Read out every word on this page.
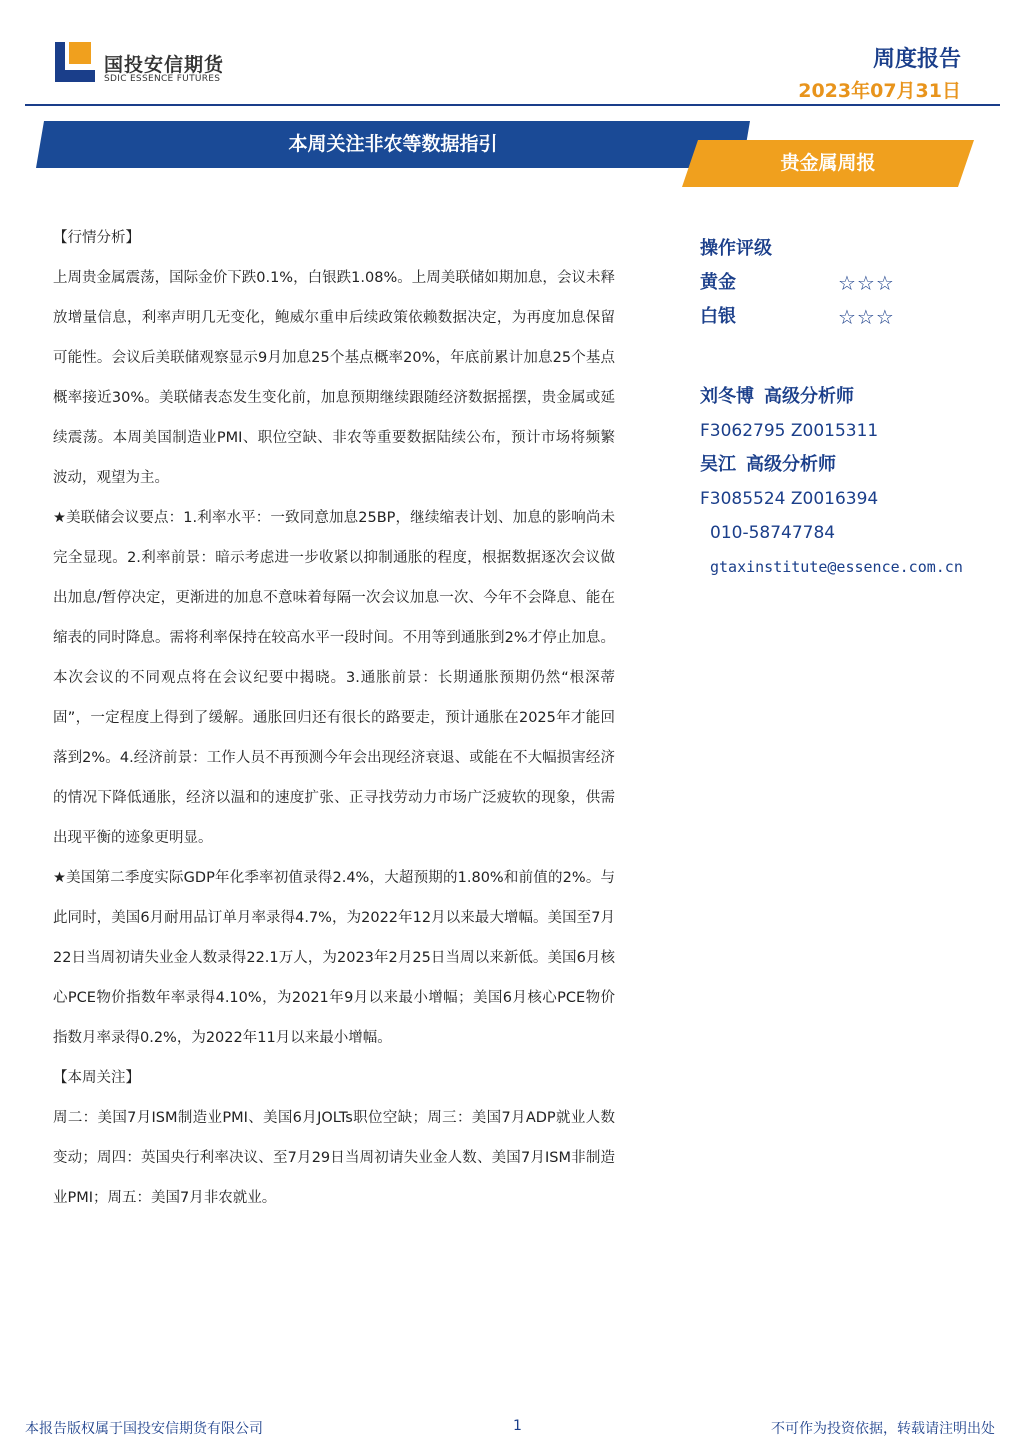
国投安信期货
SDIC ESSENCE FUTURES
周度报告
2023年07月31日
本周关注非农等数据指引
贵金属周报

【行情分析】

上周贵金属震荡，国际金价下跌0.1%，白银跌1.08%。上周美联储如期加息，会议未释放增量信息，利率声明几无变化，鲍威尔重申后续政策依赖数据决定，为再度加息保留可能性。会议后美联储观察显示9月加息25个基点概率20%，年底前累计加息25个基点概率接近30%。美联储表态发生变化前，加息预期继续跟随经济数据摇摆，贵金属或延续震荡。本周美国制造业PMI、职位空缺、非农等重要数据陆续公布，预计市场将频繁波动，观望为主。

★美联储会议要点：1.利率水平：一致同意加息25BP，继续缩表计划、加息的影响尚未完全显现。2.利率前景：暗示考虑进一步收紧以抑制通胀的程度，根据数据逐次会议做出加息/暂停决定，更渐进的加息不意味着每隔一次会议加息一次、今年不会降息、能在缩表的同时降息。需将利率保持在较高水平一段时间。不用等到通胀到2%才停止加息。本次会议的不同观点将在会议纪要中揭晓。3.通胀前景：长期通胀预期仍然“根深蒂固”，一定程度上得到了缓解。通胀回归还有很长的路要走，预计通胀在2025年才能回落到2%。4.经济前景：工作人员不再预测今年会出现经济衰退、或能在不大幅损害经济的情况下降低通胀，经济以温和的速度扩张、正寻找劳动力市场广泛疲软的现象，供需出现平衡的迹象更明显。

★美国第二季度实际GDP年化季率初值录得2.4%，大超预期的1.80%和前值的2%。与此同时，美国6月耐用品订单月率录得4.7%，为2022年12月以来最大增幅。美国至7月22日当周初请失业金人数录得22.1万人，为2023年2月25日当周以来新低。美国6月核心PCE物价指数年率录得4.10%，为2021年9月以来最小增幅；美国6月核心PCE物价指数月率录得0.2%，为2022年11月以来最小增幅。

【本周关注】

周二：美国7月ISM制造业PMI、美国6月JOLTs职位空缺；周三：美国7月ADP就业人数变动；周四：英国央行利率决议、至7月29日当周初请失业金人数、美国7月ISM非制造业PMI；周五：美国7月非农就业。

操作评级
黄金	☆☆☆
白银	☆☆☆
刘冬博 高级分析师
F3062795 Z0015311
吴江 高级分析师
F3085524 Z0016394
010-58747784
gtaxinstitute@essence.com.cn
本报告版权属于国投安信期货有限公司	1	不可作为投资依据，转载请注明出处
